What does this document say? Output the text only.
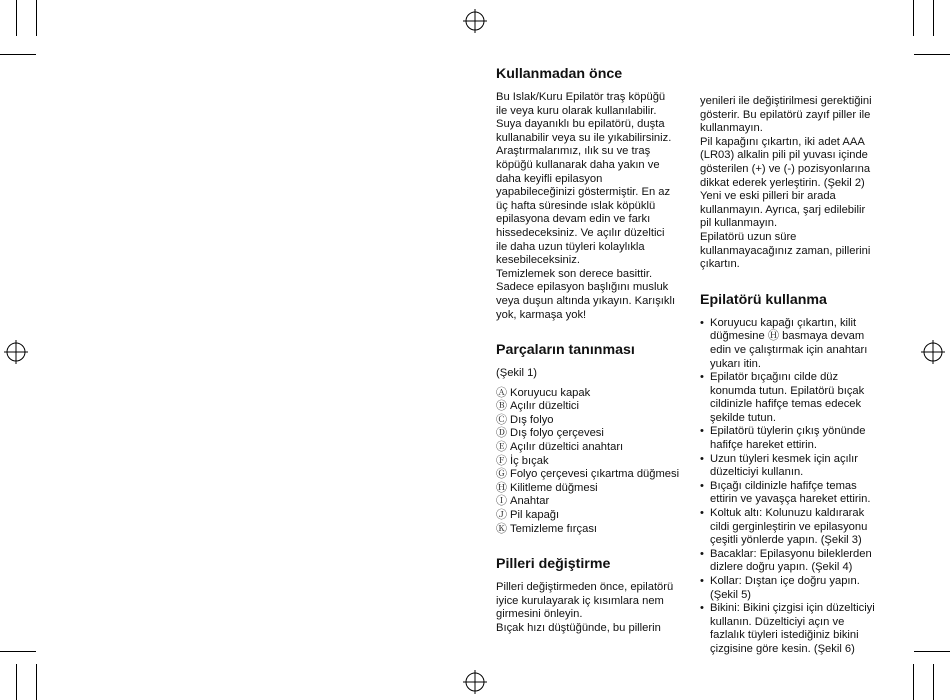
Kullanmadan önce

Bu Islak/Kuru Epilatör traş köpüğü

ile veya kuru olarak kullanılabilir.

Suya dayanıklı bu epilatörü, duşta

kullanabilir veya su ile yıkabilirsiniz.

Araştırmalarımız, ılık su ve traş

köpüğü kullanarak daha yakın ve

daha keyifli epilasyon

yapabileceğinizi göstermiştir. En az

üç hafta süresinde ıslak köpüklü

epilasyona devam edin ve farkı

hissedeceksiniz. Ve açılır düzeltici

ile daha uzun tüyleri kolaylıkla

kesebileceksiniz.

Temizlemek son derece basittir.

Sadece epilasyon başlığını musluk

veya duşun altında yıkayın. Karışıklı

yok, karmaşa yok!

Parçaların tanınması

(Şekil 1)

Ⓐ Koruyucu kapak
Ⓑ Açılır düzeltici
Ⓒ Dış folyo
Ⓓ Dış folyo çerçevesi
Ⓔ Açılır düzeltici anahtarı
Ⓕ İç bıçak
Ⓖ Folyo çerçevesi çıkartma düğmesi
Ⓗ Kilitleme düğmesi
Ⓘ Anahtar
Ⓙ Pil kapağı
Ⓚ Temizleme fırçası
Pilleri değiştirme

Pilleri değiştirmeden önce, epilatörü

iyice kurulayarak iç kısımlara nem

girmesini önleyin.

Bıçak hızı düştüğünde, bu pillerin

yenileri ile değiştirilmesi gerektiğini

gösterir. Bu epilatörü zayıf piller ile

kullanmayın.

Pil kapağını çıkartın, iki adet AAA

(LR03) alkalin pili pil yuvası içinde

gösterilen (+) ve (-) pozisyonlarına

dikkat ederek yerleştirin. (Şekil 2)

Yeni ve eski pilleri bir arada

kullanmayın. Ayrıca, şarj edilebilir

pil kullanmayın.

Epilatörü uzun süre

kullanmayacağınız zaman, pillerini

çıkartın.

Epilatörü kullanma
• Koruyucu kapağı çıkartın, kilit
düğmesine Ⓗ basmaya devam
edin ve çalıştırmak için anahtarı
yukarı itin.
• Epilatör bıçağını cilde düz
konumda tutun. Epilatörü bıçak
cildinizle hafifçe temas edecek
şekilde tutun.
• Epilatörü tüylerin çıkış yönünde
hafifçe hareket ettirin.
• Uzun tüyleri kesmek için açılır
düzelticiyi kullanın.
• Bıçağı cildinizle hafifçe temas
ettirin ve yavaşça hareket ettirin.
• Koltuk altı: Kolunuzu kaldırarak
cildi gerginleştirin ve epilasyonu
çeşitli yönlerde yapın. (Şekil 3)
• Bacaklar: Epilasyonu bileklerden
dizlere doğru yapın. (Şekil 4)
• Kollar: Dıştan içe doğru yapın.
(Şekil 5)
• Bikini: Bikini çizgisi için düzelticiyi
kullanın. Düzelticiyi açın ve
fazlalık tüyleri istediğiniz bikini
çizgisine göre kesin. (Şekil 6)
